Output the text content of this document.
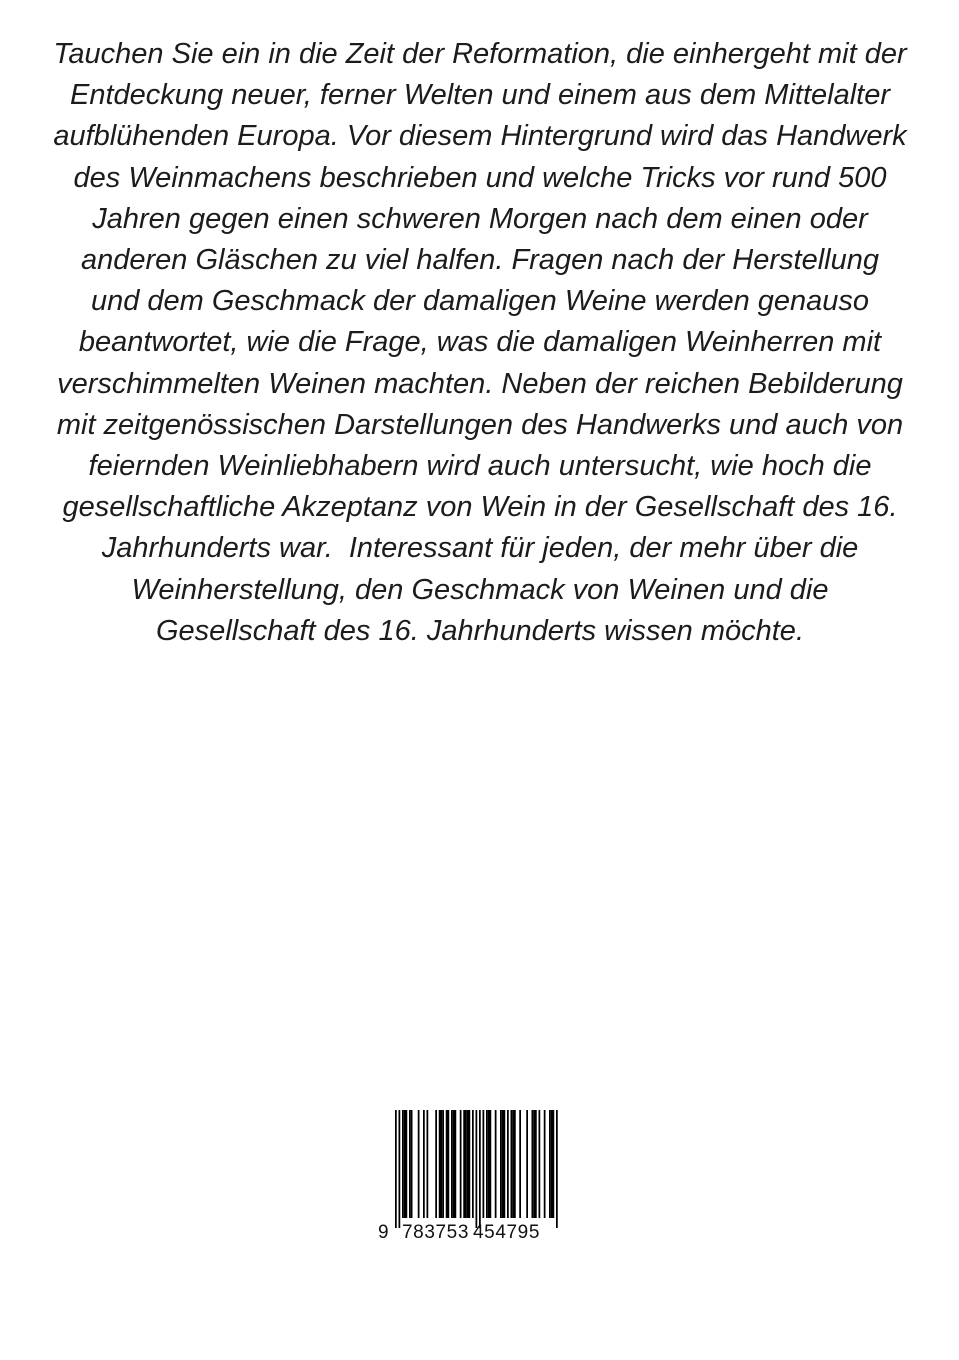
Tauchen Sie ein in die Zeit der Reformation, die einhergeht mit der
Entdeckung neuer, ferner Welten und einem aus dem Mittelalter
aufblühenden Europa. Vor diesem Hintergrund wird das Handwerk
des Weinmachens beschrieben und welche Tricks vor rund 500
Jahren gegen einen schweren Morgen nach dem einen oder
anderen Gläschen zu viel halfen. Fragen nach der Herstellung
und dem Geschmack der damaligen Weine werden genauso
beantwortet, wie die Frage, was die damaligen Weinherren mit
verschimmelten Weinen machten. Neben der reichen Bebilderung
mit zeitgenössischen Darstellungen des Handwerks und auch von
feiernden Weinliebhabern wird auch untersucht, wie hoch die
gesellschaftliche Akzeptanz von Wein in der Gesellschaft des 16.
Jahrhunderts war.  Interessant für jeden, der mehr über die
Weinherstellung, den Geschmack von Weinen und die
Gesellschaft des 16. Jahrhunderts wissen möchte.
9 783753 454795
